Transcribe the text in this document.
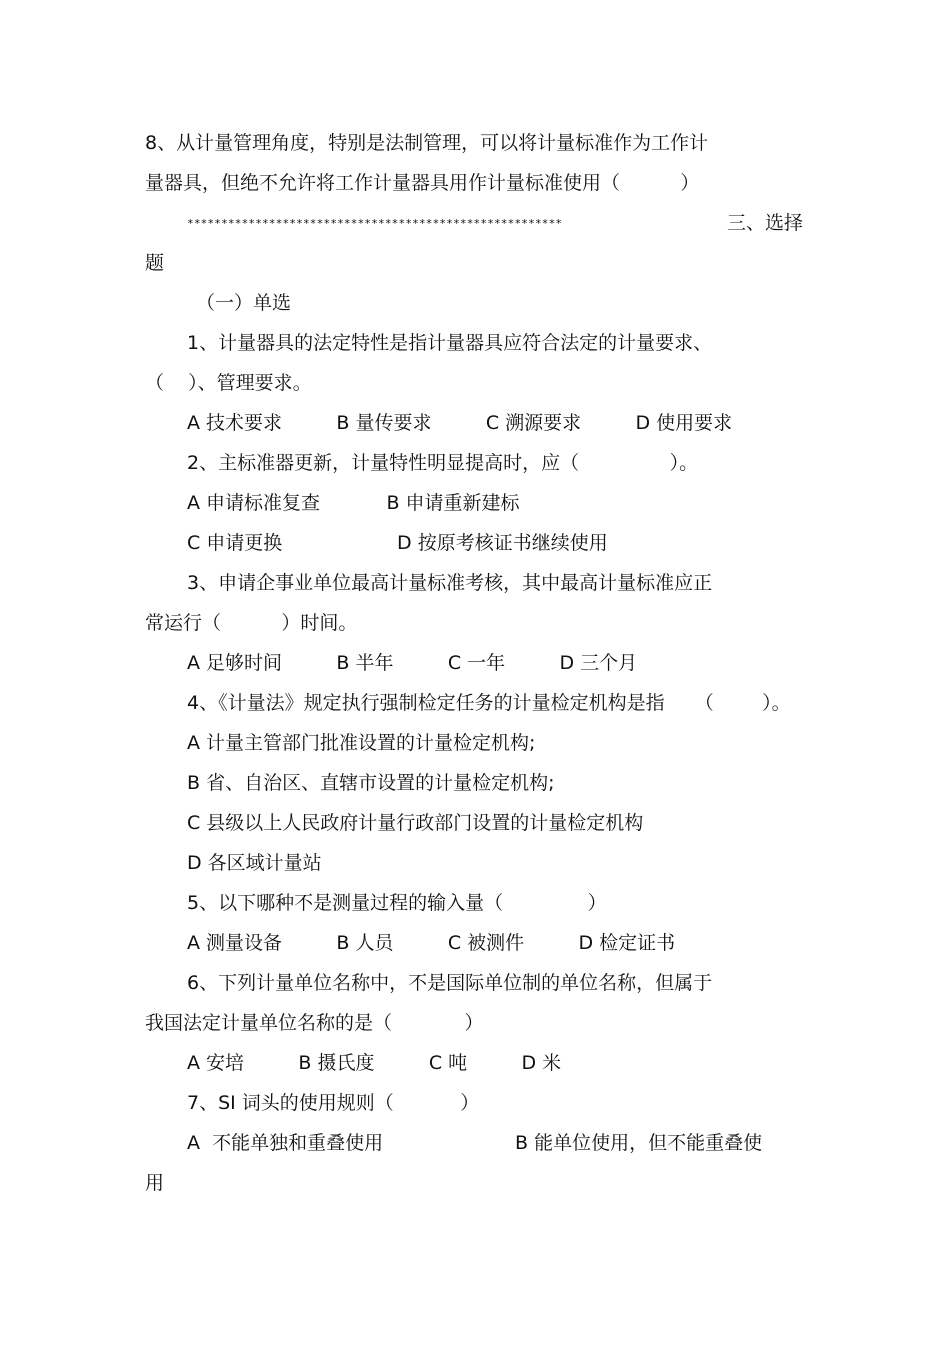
8、从计量管理角度，特别是法制管理，可以将计量标准作为工作计
量器具，但绝不允许将工作计量器具用作计量标准使用（          ）
*******************************************************	三、选择
题
（一）单选
1、计量器具的法定特性是指计量器具应符合法定的计量要求、
（    ）、管理要求。
A 技术要求         B 量传要求         C 溯源要求         D 使用要求
2、主标准器更新，计量特性明显提高时，应（               ）。
A 申请标准复查           B 申请重新建标
C 申请更换                   D 按原考核证书继续使用
3、申请企事业单位最高计量标准考核，其中最高计量标准应正
常运行（          ）时间。
A 足够时间         B 半年         C 一年         D 三个月
4、《计量法》规定执行强制检定任务的计量检定机构是指     （        ）。
A 计量主管部门批准设置的计量检定机构;
B 省、自治区、直辖市设置的计量检定机构;
C 县级以上人民政府计量行政部门设置的计量检定机构
D 各区域计量站
5、以下哪种不是测量过程的输入量（              ）
A 测量设备         B 人员         C 被测件         D 检定证书
6、下列计量单位名称中，不是国际单位制的单位名称，但属于
我国法定计量单位名称的是（            ）
A 安培         B 摄氏度         C 吨         D 米
7、SI 词头的使用规则（           ）
A  不能单独和重叠使用	B 能单位使用，但不能重叠使
用
